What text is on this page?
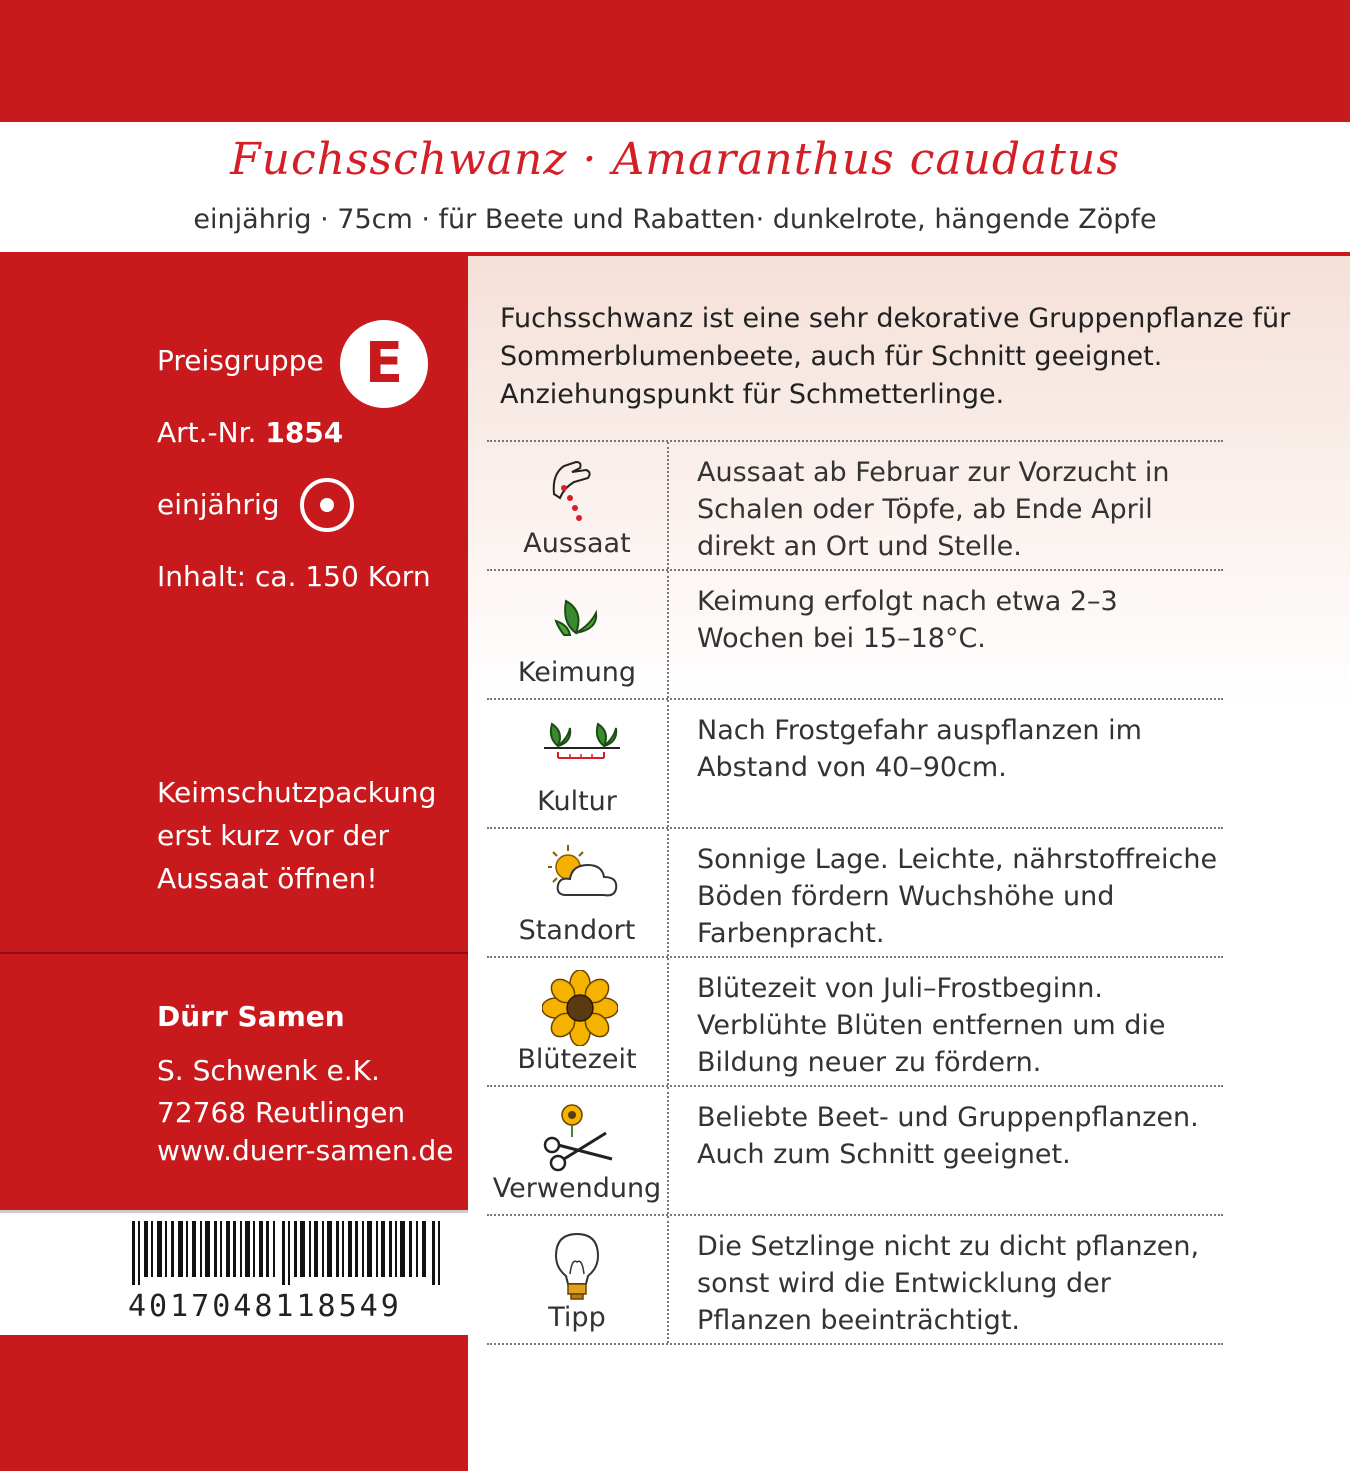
Fuchsschwanz · Amaranthus caudatus
einjährig · 75cm · für Beete und Rabatten· dunkelrote, hängende Zöpfe
Preisgruppe E
Art.-Nr. 1854
einjährig
Inhalt: ca. 150 Korn
Keimschutzpackung
erst kurz vor der
Aussaat öffnen!
Dürr Samen
S. Schwenk e.K.
72768 Reutlingen
www.duerr-samen.de
4017048118549
Fuchsschwanz ist eine sehr dekorative Gruppenpflanze für Sommerblumenbeete, auch für Schnitt geeignet. Anziehungspunkt für Schmetterlinge.
Aussaat
Aussaat ab Februar zur Vorzucht in Schalen oder Töpfe, ab Ende April direkt an Ort und Stelle.
Keimung
Keimung erfolgt nach etwa 2–3 Wochen bei 15–18°C.
Kultur
Nach Frostgefahr auspflanzen im Abstand von 40–90cm.
Standort
Sonnige Lage. Leichte, nährstoffreiche Böden fördern Wuchshöhe und Farbenpracht.
Blütezeit
Blütezeit von Juli–Frostbeginn. Verblühte Blüten entfernen um die Bildung neuer zu fördern.
Verwendung
Beliebte Beet- und Gruppenpflanzen. Auch zum Schnitt geeignet.
Tipp
Die Setzlinge nicht zu dicht pflanzen, sonst wird die Entwicklung der Pflanzen beeinträchtigt.
